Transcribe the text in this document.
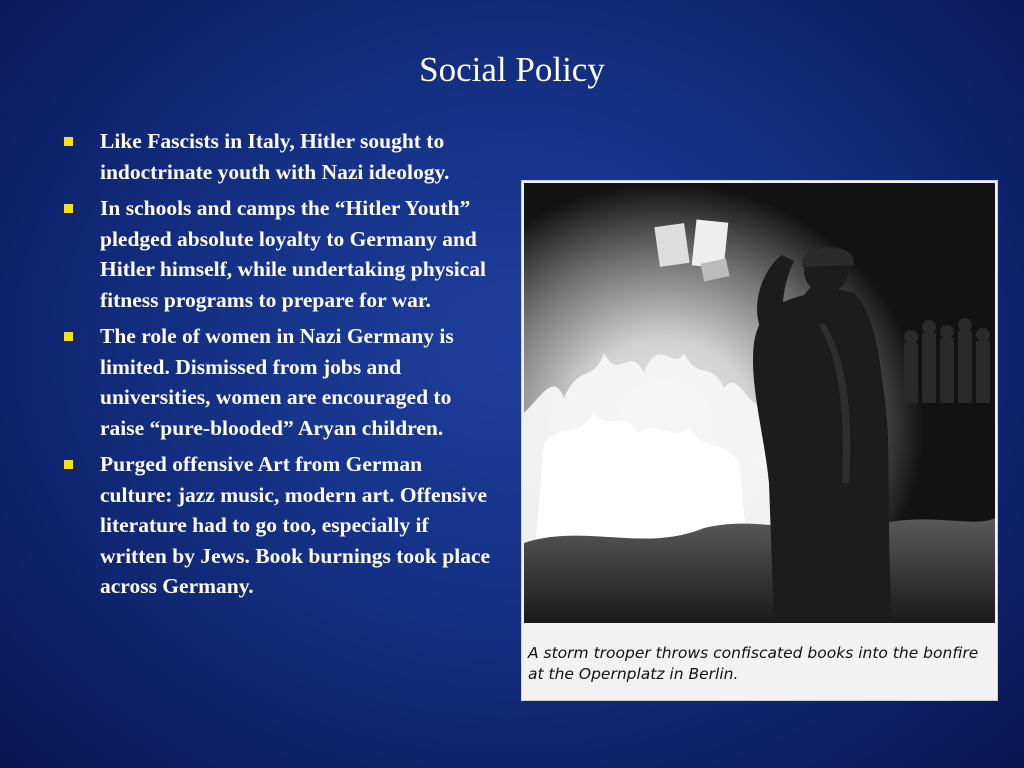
Social Policy
Like Fascists in Italy, Hitler sought to indoctrinate youth with Nazi ideology.
In schools and camps the “Hitler Youth” pledged absolute loyalty to Germany and Hitler himself, while undertaking physical fitness programs to prepare for war.
The role of women in Nazi Germany is limited. Dismissed from jobs and universities, women are encouraged to raise “pure-blooded” Aryan children.
Purged offensive Art from German culture: jazz music, modern art. Offensive literature had to go too, especially if written by Jews. Book burnings took place across Germany.
A storm trooper throws confiscated books into the bonfire at the Opernplatz in Berlin.
